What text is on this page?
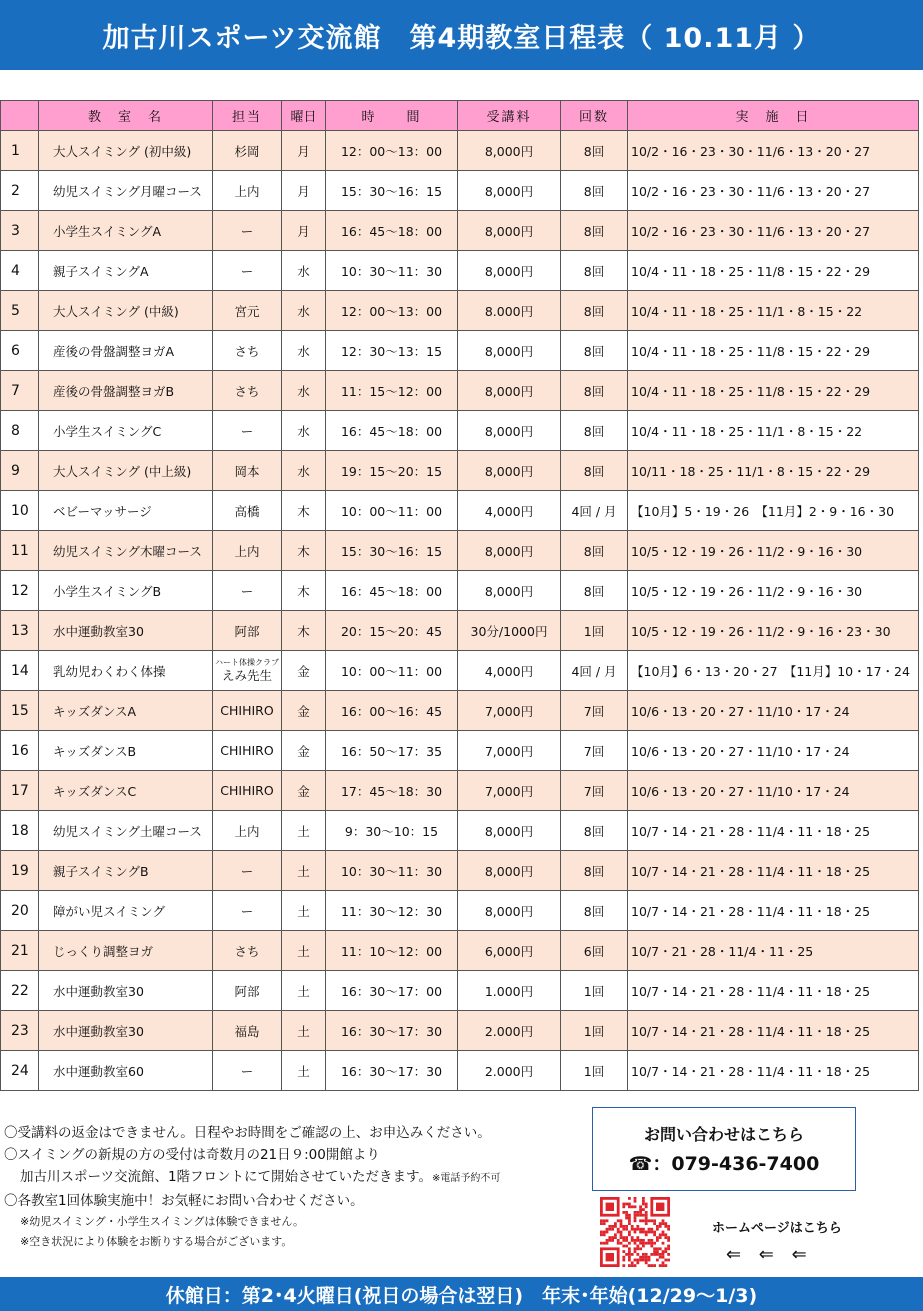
加古川スポーツ交流館　第4期教室日程表（ 10.11月 ）
	教　室　名	担当	曜日	時　　間	受講料	回数	実　施　日
1	大人スイミング (初中級)	杉岡	月	12：00～13：00	8,000円	8回	10/2・16・23・30・11/6・13・20・27
2	幼児スイミング月曜コース	上内	月	15：30～16：15	8,000円	8回	10/2・16・23・30・11/6・13・20・27
3	小学生スイミングA	ー	月	16：45～18：00	8,000円	8回	10/2・16・23・30・11/6・13・20・27
4	親子スイミングA	ー	水	10：30～11：30	8,000円	8回	10/4・11・18・25・11/8・15・22・29
5	大人スイミング (中級)	宮元	水	12：00～13：00	8.000円	8回	10/4・11・18・25・11/1・8・15・22
6	産後の骨盤調整ヨガA	さち	水	12：30～13：15	8,000円	8回	10/4・11・18・25・11/8・15・22・29
7	産後の骨盤調整ヨガB	さち	水	11：15～12：00	8,000円	8回	10/4・11・18・25・11/8・15・22・29
8	小学生スイミングC	ー	水	16：45～18：00	8,000円	8回	10/4・11・18・25・11/1・8・15・22
9	大人スイミング (中上級)	岡本	水	19：15～20：15	8,000円	8回	10/11・18・25・11/1・8・15・22・29
10	ベビーマッサージ	高橋	木	10：00～11：00	4,000円	4回 / 月	【10月】5・19・26　【11月】2・9・16・30
11	幼児スイミング木曜コース	上内	木	15：30～16：15	8,000円	8回	10/5・12・19・26・11/2・9・16・30
12	小学生スイミングB	ー	木	16：45～18：00	8,000円	8回	10/5・12・19・26・11/2・9・16・30
13	水中運動教室30	阿部	木	20：15～20：45	30分/1000円	1回	10/5・12・19・26・11/2・9・16・23・30
14	乳幼児わくわく体操	ハート体操クラブ
えみ先生	金	10：00～11：00	4,000円	4回 / 月	【10月】6・13・20・27　【11月】10・17・24
15	キッズダンスA	CHIHIRO	金	16：00～16：45	7,000円	7回	10/6・13・20・27・11/10・17・24
16	キッズダンスB	CHIHIRO	金	16：50～17：35	7,000円	7回	10/6・13・20・27・11/10・17・24
17	キッズダンスC	CHIHIRO	金	17：45～18：30	7,000円	7回	10/6・13・20・27・11/10・17・24
18	幼児スイミング土曜コース	上内	土	9：30～10：15	8,000円	8回	10/7・14・21・28・11/4・11・18・25
19	親子スイミングB	ー	土	10：30～11：30	8,000円	8回	10/7・14・21・28・11/4・11・18・25
20	障がい児スイミング	ー	土	11：30～12：30	8,000円	8回	10/7・14・21・28・11/4・11・18・25
21	じっくり調整ヨガ	さち	土	11：10～12：00	6,000円	6回	10/7・21・28・11/4・11・25
22	水中運動教室30	阿部	土	16：30～17：00	1.000円	1回	10/7・14・21・28・11/4・11・18・25
23	水中運動教室30	福島	土	16：30～17：30	2.000円	1回	10/7・14・21・28・11/4・11・18・25
24	水中運動教室60	ー	土	16：30～17：30	2.000円	1回	10/7・14・21・28・11/4・11・18・25

〇受講料の返金はできません。日程やお時間をご確認の上、お申込みください。

〇スイミングの新規の方の受付は奇数月の21日９:00開館より

加古川スポーツ交流館、1階フロントにて開始させていただきます。※電話予約不可

〇各教室1回体験実施中！お気軽にお問い合わせください。

※幼児スイミング・小学生スイミングは体験できません。

※空き状況により体験をお断りする場合がございます。

お問い合わせはこちら
☎：079-436-7400
ホームページはこちら
⇐ ⇐ ⇐
休館日：第2･4火曜日(祝日の場合は翌日)　年末･年始(12/29～1/3)
